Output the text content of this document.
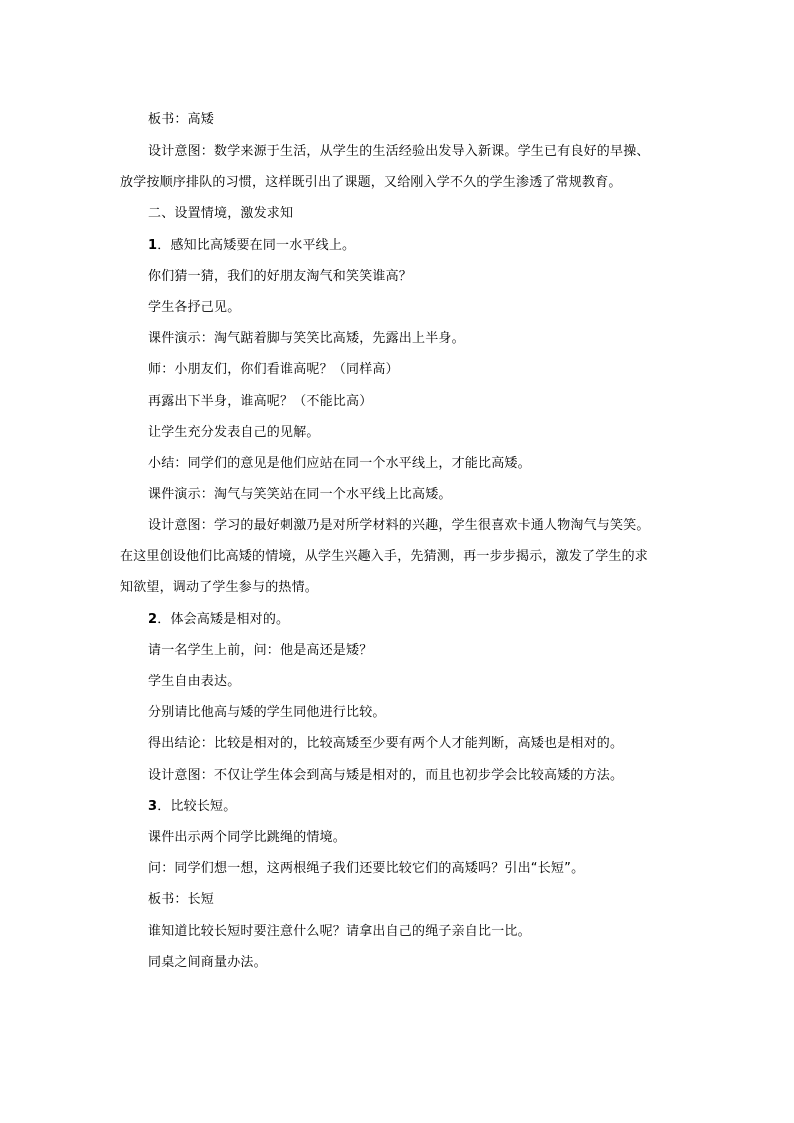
板书：高矮
设计意图：数学来源于生活，从学生的生活经验出发导入新课。学生已有良好的早操、
放学按顺序排队的习惯，这样既引出了课题，又给刚入学不久的学生渗透了常规教育。
二、设置情境，激发求知
1．感知比高矮要在同一水平线上。
你们猜一猜，我们的好朋友淘气和笑笑谁高？
学生各抒己见。
课件演示：淘气踮着脚与笑笑比高矮，先露出上半身。
师：小朋友们，你们看谁高呢？（同样高）
再露出下半身，谁高呢？（不能比高）
让学生充分发表自己的见解。
小结：同学们的意见是他们应站在同一个水平线上，才能比高矮。
课件演示：淘气与笑笑站在同一个水平线上比高矮。
设计意图：学习的最好刺激乃是对所学材料的兴趣，学生很喜欢卡通人物淘气与笑笑。
在这里创设他们比高矮的情境，从学生兴趣入手，先猜测，再一步步揭示，激发了学生的求
知欲望，调动了学生参与的热情。
2．体会高矮是相对的。
请一名学生上前，问：他是高还是矮？
学生自由表达。
分别请比他高与矮的学生同他进行比较。
得出结论：比较是相对的，比较高矮至少要有两个人才能判断，高矮也是相对的。
设计意图：不仅让学生体会到高与矮是相对的，而且也初步学会比较高矮的方法。
3．比较长短。
课件出示两个同学比跳绳的情境。
问：同学们想一想，这两根绳子我们还要比较它们的高矮吗？引出“长短”。
板书：长短
谁知道比较长短时要注意什么呢？请拿出自己的绳子亲自比一比。
同桌之间商量办法。
